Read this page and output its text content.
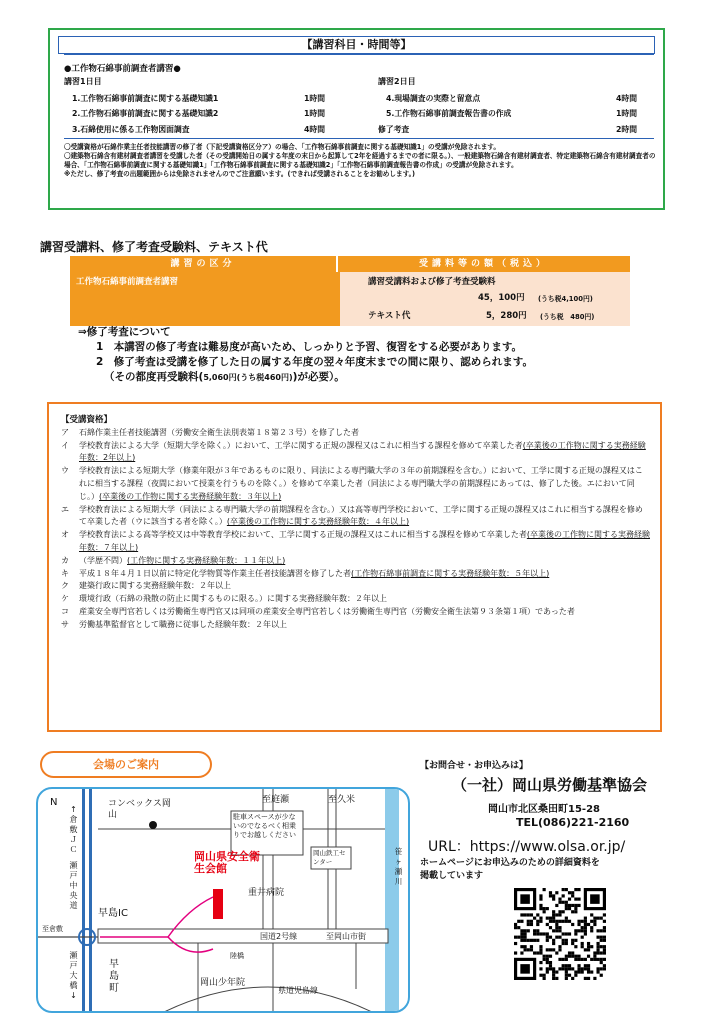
【講習科目・時間等】
●工作物石綿事前調査者講習●
講習1日目	講習2日目
1.工作物石綿事前調査に関する基礎知識1	1時間
2.工作物石綿事前調査に関する基礎知識2	1時間
3.石綿使用に係る工作物図面調査	4時間
4.現場調査の実際と留意点	4時間
5.工作物石綿事前調査報告書の作成	1時間
修了考査	2時間
〇受講資格が石綿作業主任者技能講習の修了者（下記受講資格区分ア）の場合、「工作物石綿事前調査に関する基礎知識1」の受講が免除されます。
〇建築物石綿含有建材調査者講習を受講した者（その受講開始日の属する年度の末日から起算して2年を経過するまでの者に限る。）、一般建築物石綿含有建材調査者、特定建築物石綿含有建材調査者の場合、「工作物石綿事前調査に関する基礎知識1」「工作物石綿事前調査に関する基礎知識2」「工作物石綿事前調査報告書の作成」の受講が免除されます。
※ただし、修了考査の出題範囲からは免除されませんのでご注意願います。(できれば受講されることをお勧めします。)
講習受講料、修了考査受験料、テキスト代
講習の区分	受講料等の額（税込）
工作物石綿事前調査者講習	講習受講料および修了考査受験料
45，100円 (うち税4,100円)
テキスト代	5，280円 (うち税　480円)
⇒修了考査について
1　本講習の修了考査は難易度が高いため、しっかりと予習、復習をする必要があります。
2　修了考査は受講を修了した日の属する年度の翌々年度末までの間に限り、認められます。
（その都度再受験料(5,060円(うち税460円))が必要）。
【受講資格】
ア	石綿作業主任者技能講習（労働安全衛生法別表第１８第２３号）を修了した者
イ	学校教育法による大学（短期大学を除く。）において、工学に関する正規の課程又はこれに相当する課程を修めて卒業した者(卒業後の工作物に関する実務経験年数：2年以上)
ウ	学校教育法による短期大学（修業年限が３年であるものに限り、同法による専門職大学の３年の前期課程を含む。）において、工学に関する正規の課程又はこれに相当する課程（夜間において授業を行うものを除く。）を修めて卒業した者（同法による専門職大学の前期課程にあっては、修了した後。エにおいて同じ。）(卒業後の工作物に関する実務経験年数：３年以上)
エ	学校教育法による短期大学（同法による専門職大学の前期課程を含む。）又は高等専門学校において、工学に関する正規の課程又はこれに相当する課程を修めて卒業した者（ウに該当する者を除く。）(卒業後の工作物に関する実務経験年数：４年以上)
オ	学校教育法による高等学校又は中等教育学校において、工学に関する正規の課程又はこれに相当する課程を修めて卒業した者(卒業後の工作物に関する実務経験年数：７年以上)
カ	（学歴不問）(工作物に関する実務経験年数：１１年以上)
キ	平成１８年４月１日以前に特定化学物質等作業主任者技能講習を修了した者(工作物石綿事前調査に関する実務経験年数：５年以上)
ク	建築行政に関する実務経験年数：２年以上
ケ	環境行政（石綿の飛散の防止に関するものに限る。）に関する実務経験年数：２年以上
コ	産業安全専門官若しくは労働衛生専門官又は同項の産業安全専門官若しくは労働衛生専門官（労働安全衛生法第９３条第１項）であった者
サ	労働基準監督官として職務に従事した経験年数：２年以上
会場のご案内
N
↑倉敷ＪＣ
瀬戸中央道
早島IC
至倉敷
瀬戸大橋↓
早島町
コンベックス岡山
至庭瀬	至久米
駐車スペースが少ないのでなるべく相乗りでお越しください
岡山鉄工センター
岡山県安全衛生会館
重井病院
笹ヶ瀬川
国道2号線	至岡山市街
陸橋
岡山少年院
県道児島線
【お問合せ・お申込みは】
（一社）岡山県労働基準協会
岡山市北区桑田町15-28
TEL(086)221-2160
URL：https://www.olsa.or.jp/
ホームページにお申込みのための詳細資料を
掲載しています
